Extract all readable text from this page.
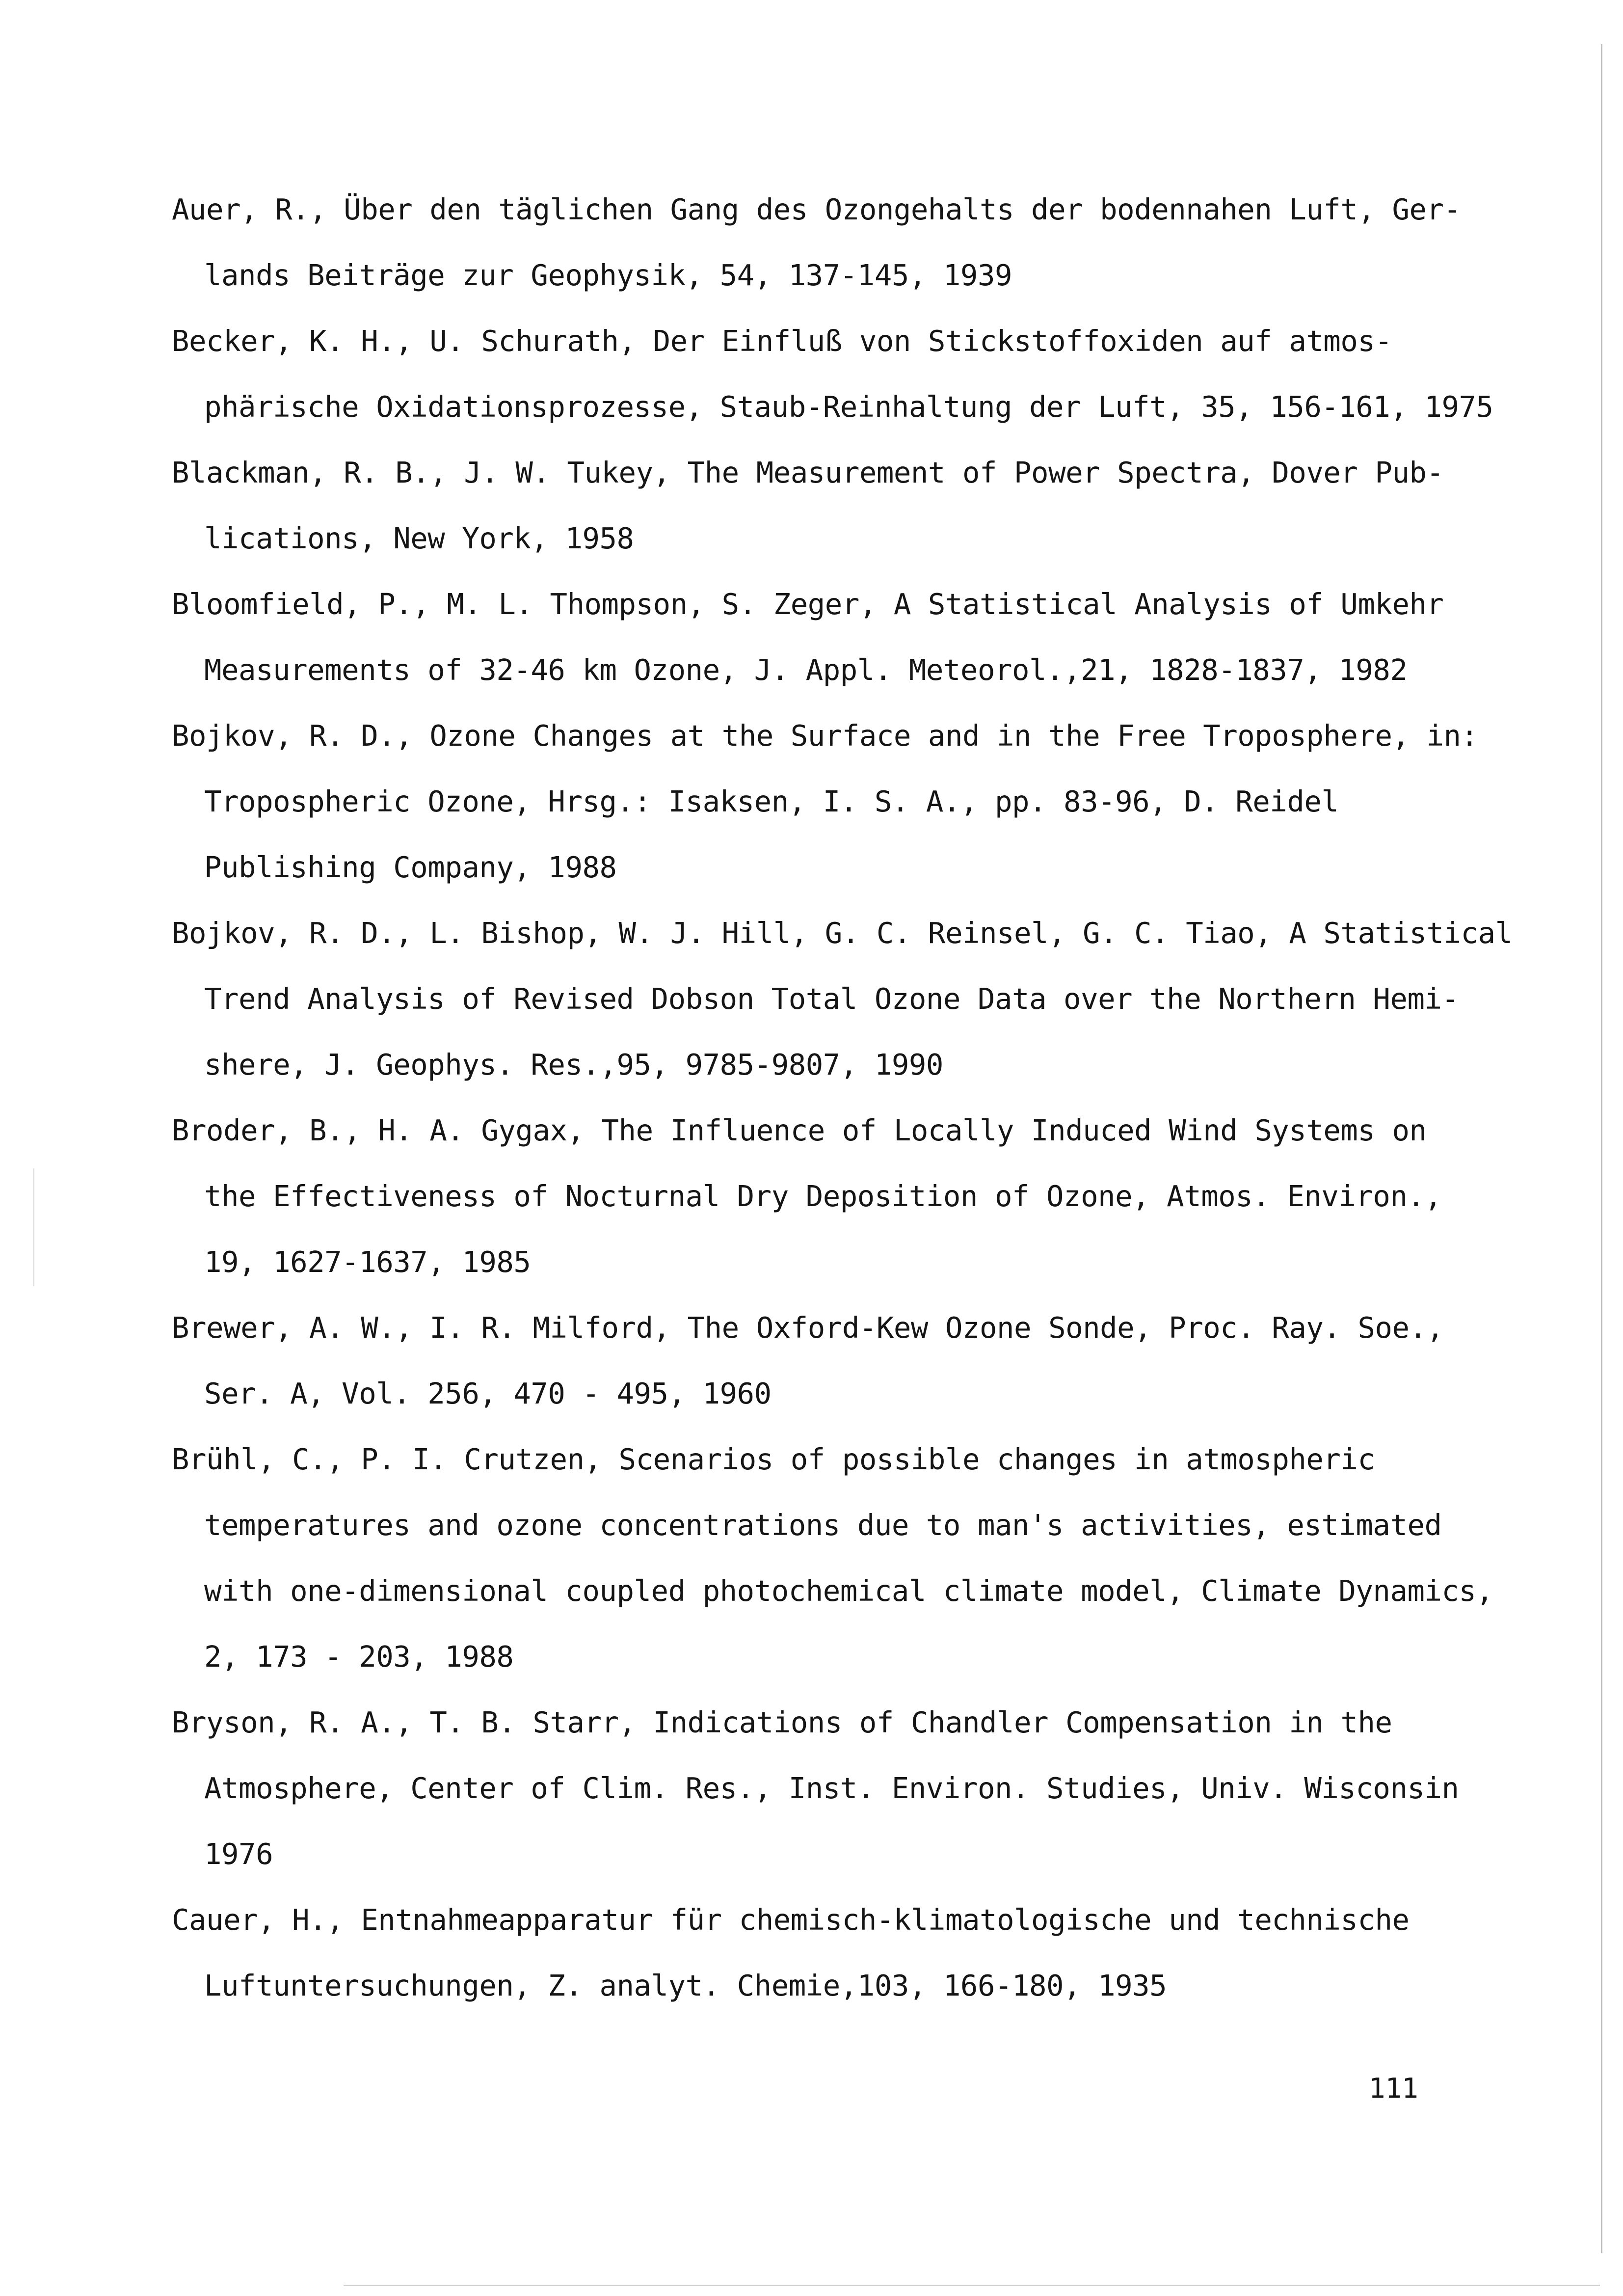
Auer, R., Über den täglichen Gang des Ozongehalts der bodennahen Luft, Ger-
lands Beiträge zur Geophysik, 54, 137-145, 1939
Becker, K. H., U. Schurath, Der Einfluß von Stickstoffoxiden auf atmos-
phärische Oxidationsprozesse, Staub-Reinhaltung der Luft, 35, 156-161, 1975
Blackman, R. B., J. W. Tukey, The Measurement of Power Spectra, Dover Pub-
lications, New York, 1958
Bloomfield, P., M. L. Thompson, S. Zeger, A Statistical Analysis of Umkehr
Measurements of 32-46 km Ozone, J. Appl. Meteorol.,21, 1828-1837, 1982
Bojkov, R. D., Ozone Changes at the Surface and in the Free Troposphere, in:
Tropospheric Ozone, Hrsg.: Isaksen, I. S. A., pp. 83-96, D. Reidel
Publishing Company, 1988
Bojkov, R. D., L. Bishop, W. J. Hill, G. C. Reinsel, G. C. Tiao, A Statistical
Trend Analysis of Revised Dobson Total Ozone Data over the Northern Hemi-
shere, J. Geophys. Res.,95, 9785-9807, 1990
Broder, B., H. A. Gygax, The Influence of Locally Induced Wind Systems on
the Effectiveness of Nocturnal Dry Deposition of Ozone, Atmos. Environ.,
19, 1627-1637, 1985
Brewer, A. W., I. R. Milford, The Oxford-Kew Ozone Sonde, Proc. Ray. Soe.,
Ser. A, Vol. 256, 470 - 495, 1960
Brühl, C., P. I. Crutzen, Scenarios of possible changes in atmospheric
temperatures and ozone concentrations due to man's activities, estimated
with one-dimensional coupled photochemical climate model, Climate Dynamics,
2, 173 - 203, 1988
Bryson, R. A., T. B. Starr, Indications of Chandler Compensation in the
Atmosphere, Center of Clim. Res., Inst. Environ. Studies, Univ. Wisconsin
1976
Cauer, H., Entnahmeapparatur für chemisch-klimatologische und technische
Luftuntersuchungen, Z. analyt. Chemie,103, 166-180, 1935
111
